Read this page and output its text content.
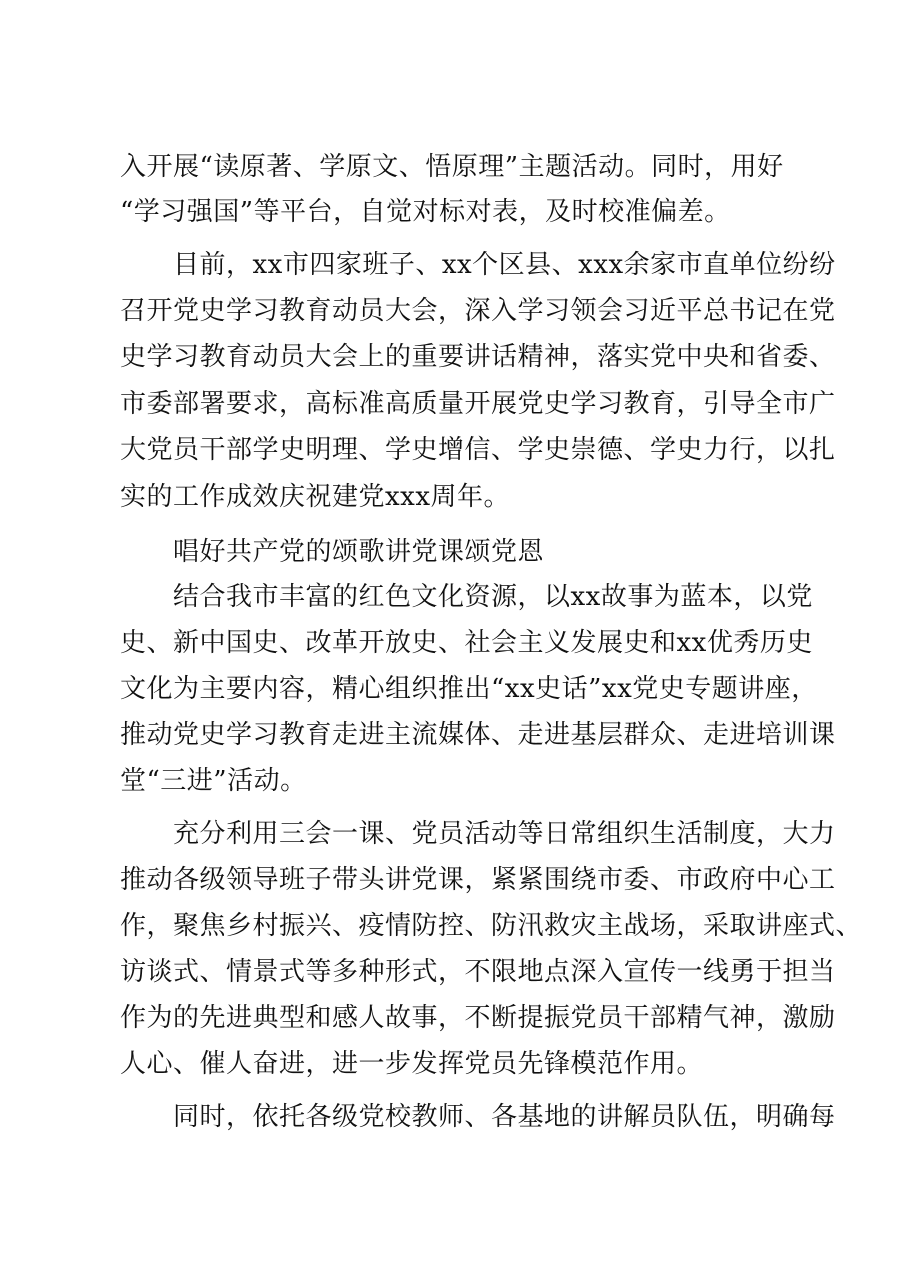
入开展“读原著、学原文、悟原理”主题活动。同时，用好
“学习强国”等平台，自觉对标对表，及时校准偏差。
目前，xx市四家班子、xx个区县、xxx余家市直单位纷纷
召开党史学习教育动员大会，深入学习领会习近平总书记在党
史学习教育动员大会上的重要讲话精神，落实党中央和省委、
市委部署要求，高标准高质量开展党史学习教育，引导全市广
大党员干部学史明理、学史增信、学史崇德、学史力行，以扎
实的工作成效庆祝建党xxx周年。
唱好共产党的颂歌讲党课颂党恩
结合我市丰富的红色文化资源，以xx故事为蓝本，以党
史、新中国史、改革开放史、社会主义发展史和xx优秀历史
文化为主要内容，精心组织推出“xx史话”xx党史专题讲座，
推动党史学习教育走进主流媒体、走进基层群众、走进培训课
堂“三进”活动。
充分利用三会一课、党员活动等日常组织生活制度，大力
推动各级领导班子带头讲党课，紧紧围绕市委、市政府中心工
作，聚焦乡村振兴、疫情防控、防汛救灾主战场，采取讲座式、
访谈式、情景式等多种形式，不限地点深入宣传一线勇于担当
作为的先进典型和感人故事，不断提振党员干部精气神，激励
人心、催人奋进，进一步发挥党员先锋模范作用。
同时，依托各级党校教师、各基地的讲解员队伍，明确每
